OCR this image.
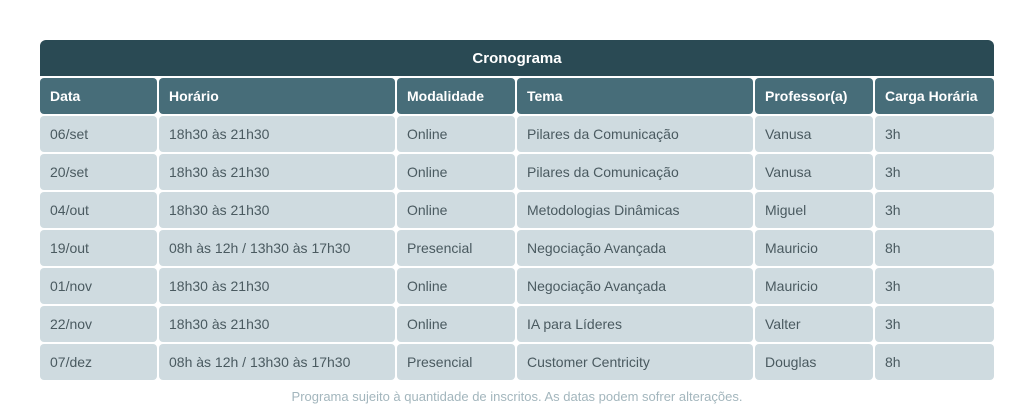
Cronograma
Data	Horário	Modalidade	Tema	Professor(a)	Carga Horária
06/set	18h30 às 21h30	Online	Pilares da Comunicação	Vanusa	3h
20/set	18h30 às 21h30	Online	Pilares da Comunicação	Vanusa	3h
04/out	18h30 às 21h30	Online	Metodologias Dinâmicas	Miguel	3h
19/out	08h às 12h / 13h30 às 17h30	Presencial	Negociação Avançada	Mauricio	8h
01/nov	18h30 às 21h30	Online	Negociação Avançada	Mauricio	3h
22/nov	18h30 às 21h30	Online	IA para Líderes	Valter	3h
07/dez	08h às 12h / 13h30 às 17h30	Presencial	Customer Centricity	Douglas	8h
Programa sujeito à quantidade de inscritos. As datas podem sofrer alterações.
